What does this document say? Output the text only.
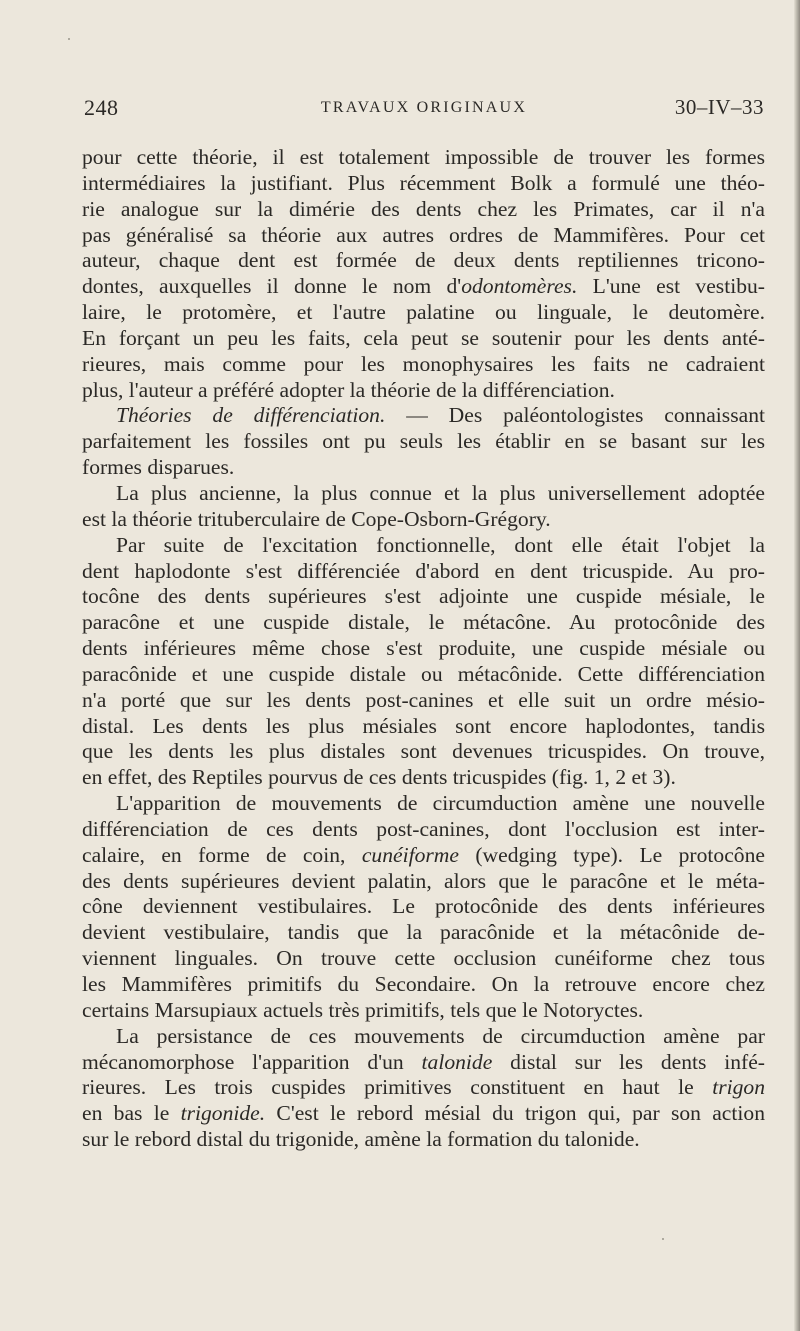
248	TRAVAUX ORIGINAUX	30–IV–33
pour cette théorie, il est totalement impossible de trouver les formes
intermédiaires la justifiant. Plus récemment Bolk a formulé une théo-
rie analogue sur la dimérie des dents chez les Primates, car il n'a
pas généralisé sa théorie aux autres ordres de Mammifères. Pour cet
auteur, chaque dent est formée de deux dents reptiliennes tricono-
dontes, auxquelles il donne le nom d'odontomères. L'une est vestibu-
laire, le protomère, et l'autre palatine ou linguale, le deutomère.
En forçant un peu les faits, cela peut se soutenir pour les dents anté-
rieures, mais comme pour les monophysaires les faits ne cadraient
plus, l'auteur a préféré adopter la théorie de la différenciation.
Théories de différenciation. — Des paléontologistes connaissant
parfaitement les fossiles ont pu seuls les établir en se basant sur les
formes disparues.
La plus ancienne, la plus connue et la plus universellement adoptée
est la théorie trituberculaire de Cope-Osborn-Grégory.
Par suite de l'excitation fonctionnelle, dont elle était l'objet la
dent haplodonte s'est différenciée d'abord en dent tricuspide. Au pro-
tocône des dents supérieures s'est adjointe une cuspide mésiale, le
paracône et une cuspide distale, le métacône. Au protocônide des
dents inférieures même chose s'est produite, une cuspide mésiale ou
paracônide et une cuspide distale ou métacônide. Cette différenciation
n'a porté que sur les dents post-canines et elle suit un ordre mésio-
distal. Les dents les plus mésiales sont encore haplodontes, tandis
que les dents les plus distales sont devenues tricuspides. On trouve,
en effet, des Reptiles pourvus de ces dents tricuspides (fig. 1, 2 et 3).
L'apparition de mouvements de circumduction amène une nouvelle
différenciation de ces dents post-canines, dont l'occlusion est inter-
calaire, en forme de coin, cunéiforme (wedging type). Le protocône
des dents supérieures devient palatin, alors que le paracône et le méta-
cône deviennent vestibulaires. Le protocônide des dents inférieures
devient vestibulaire, tandis que la paracônide et la métacônide de-
viennent linguales. On trouve cette occlusion cunéiforme chez tous
les Mammifères primitifs du Secondaire. On la retrouve encore chez
certains Marsupiaux actuels très primitifs, tels que le Notoryctes.
La persistance de ces mouvements de circumduction amène par
mécanomorphose l'apparition d'un talonide distal sur les dents infé-
rieures. Les trois cuspides primitives constituent en haut le trigon
en bas le trigonide. C'est le rebord mésial du trigon qui, par son action
sur le rebord distal du trigonide, amène la formation du talonide.
